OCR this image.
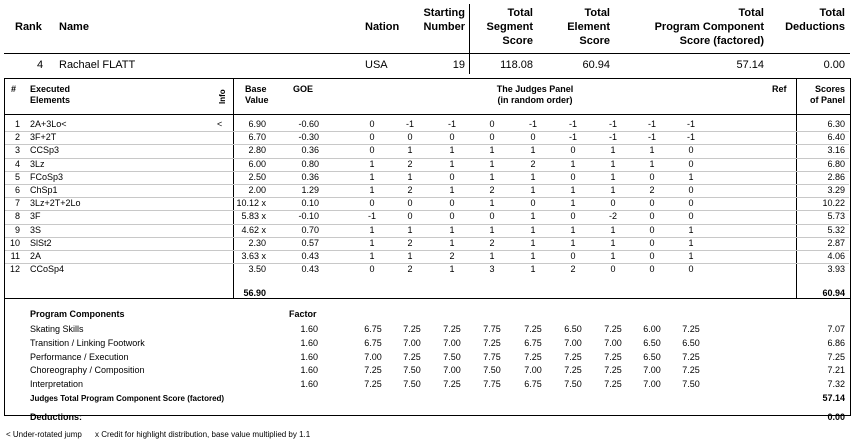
Rank Name	Nation
Starting
Number
Total
Segment
Score
Total
Element
Score
Total
Program Component
Score (factored)
Total
Deductions
4 Rachael FLATT	USA	19	118.08	60.94	57.14	0.00
# Executed
Elements	Info
Base
Value
GOE	The Judges Panel
(in random order)
Ref	Scores
of Panel
1 2A+3Lo<	<	6.90	-0.60	0	-1	-1	0	-1	-1	-1	-1	-1	6.30
2 3F+2T	6.70	-0.30	0	0	0	0	0	-1	-1	-1	-1	6.40
3 CCSp3	2.80	0.36	0	1	1	1	1	0	1	1	0	3.16
4 3Lz	6.00	0.80	1	2	1	1	2	1	1	1	0	6.80
5 FCoSp3	2.50	0.36	1	1	0	1	1	0	1	0	1	2.86
6 ChSp1	2.00	1.29	1	2	1	2	1	1	1	2	0	3.29
7 3Lz+2T+2Lo	10.12 x	0.10	0	0	0	1	0	1	0	0	0	10.22
8 3F	5.83 x	-0.10	-1	0	0	0	1	0	-2	0	0	5.73
9 3S	4.62 x	0.70	1	1	1	1	1	1	1	0	1	5.32
10 SlSt2	2.30	0.57	1	2	1	2	1	1	1	0	1	2.87
11 2A	3.63 x	0.43	1	1	2	1	1	0	1	0	1	4.06
12 CCoSp4	3.50	0.43	0	2	1	3	1	2	0	0	0	3.93
56.90	60.94
Program Components	Factor
Skating Skills	1.60	6.75	7.25	7.25	7.75	7.25	6.50	7.25	6.00	7.25	7.07
Transition / Linking Footwork	1.60	6.75	7.00	7.00	7.25	6.75	7.00	7.00	6.50	6.50	6.86
Performance / Execution	1.60	7.00	7.25	7.50	7.75	7.25	7.25	7.25	6.50	7.25	7.25
Choreography / Composition	1.60	7.25	7.50	7.00	7.50	7.00	7.25	7.25	7.00	7.25	7.21
Interpretation	1.60	7.25	7.50	7.25	7.75	6.75	7.50	7.25	7.00	7.50	7.32
Judges Total Program Component Score (factored)	57.14
Deductions:	0.00
< Under-rotated jump x Credit for highlight distribution, base value multiplied by 1.1
